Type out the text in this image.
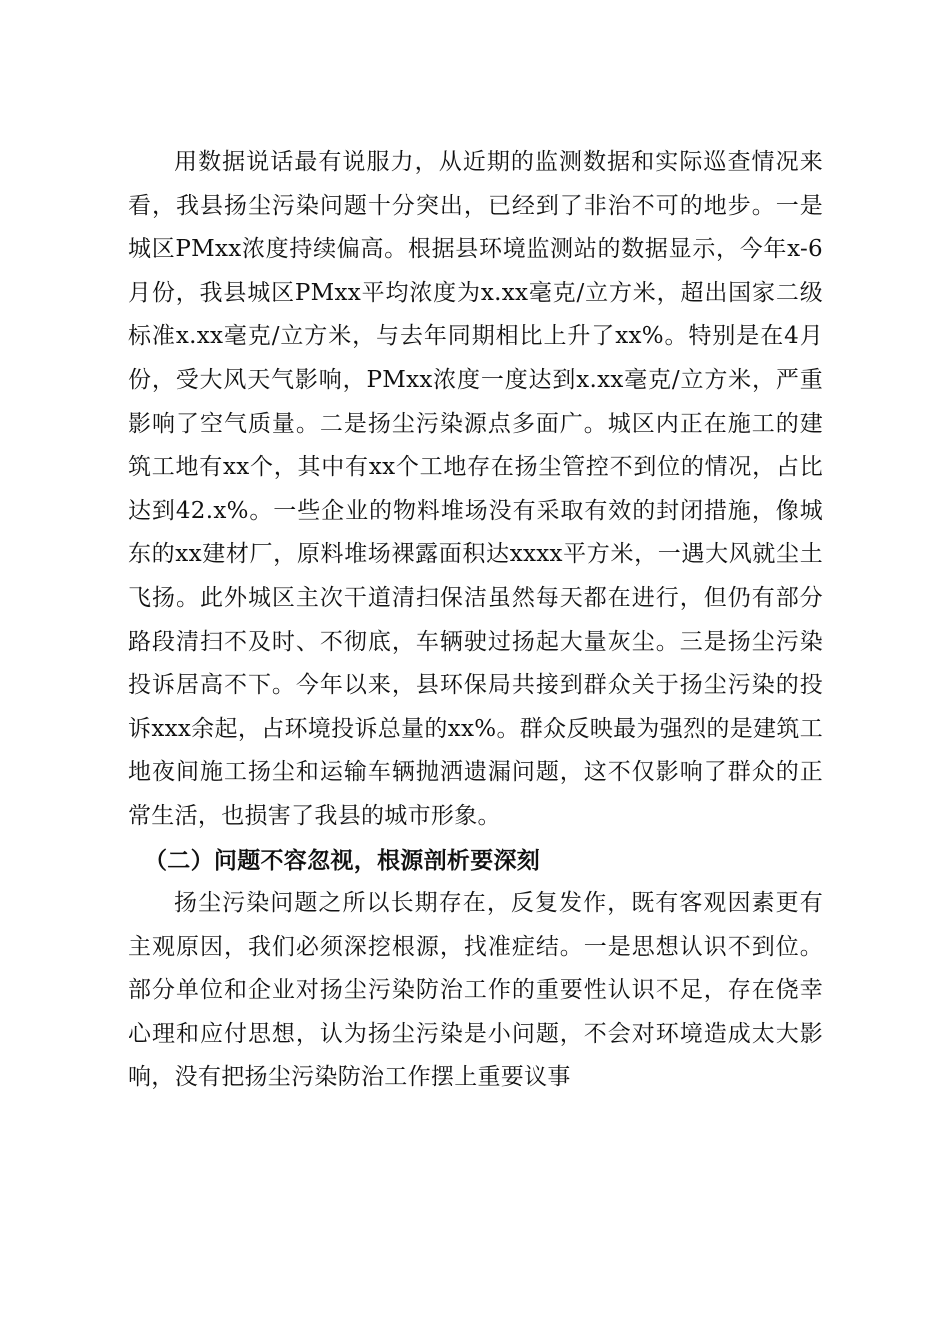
用数据说话最有说服力，从近期的监测数据和实际巡查情况来看，我县扬尘污染问题十分突出，已经到了非治不可的地步。一是城区PMxx浓度持续偏高。根据县环境监测站的数据显示，今年x-6月份，我县城区PMxx平均浓度为x.xx毫克/立方米，超出国家二级标准x.xx毫克/立方米，与去年同期相比上升了xx%。特别是在4月份，受大风天气影响，PMxx浓度一度达到x.xx毫克/立方米，严重影响了空气质量。二是扬尘污染源点多面广。城区内正在施工的建筑工地有xx个，其中有xx个工地存在扬尘管控不到位的情况，占比达到42.x%。一些企业的物料堆场没有采取有效的封闭措施，像城东的xx建材厂，原料堆场裸露面积达xxxx平方米，一遇大风就尘土飞扬。此外城区主次干道清扫保洁虽然每天都在进行，但仍有部分路段清扫不及时、不彻底，车辆驶过扬起大量灰尘。三是扬尘污染投诉居高不下。今年以来，县环保局共接到群众关于扬尘污染的投诉xxx余起，占环境投诉总量的xx%。群众反映最为强烈的是建筑工地夜间施工扬尘和运输车辆抛洒遗漏问题，这不仅影响了群众的正常生活，也损害了我县的城市形象。

（二）问题不容忽视，根源剖析要深刻

扬尘污染问题之所以长期存在，反复发作，既有客观因素更有主观原因，我们必须深挖根源，找准症结。一是思想认识不到位。部分单位和企业对扬尘污染防治工作的重要性认识不足，存在侥幸心理和应付思想，认为扬尘污染是小问题，不会对环境造成太大影响，没有把扬尘污染防治工作摆上重要议事
